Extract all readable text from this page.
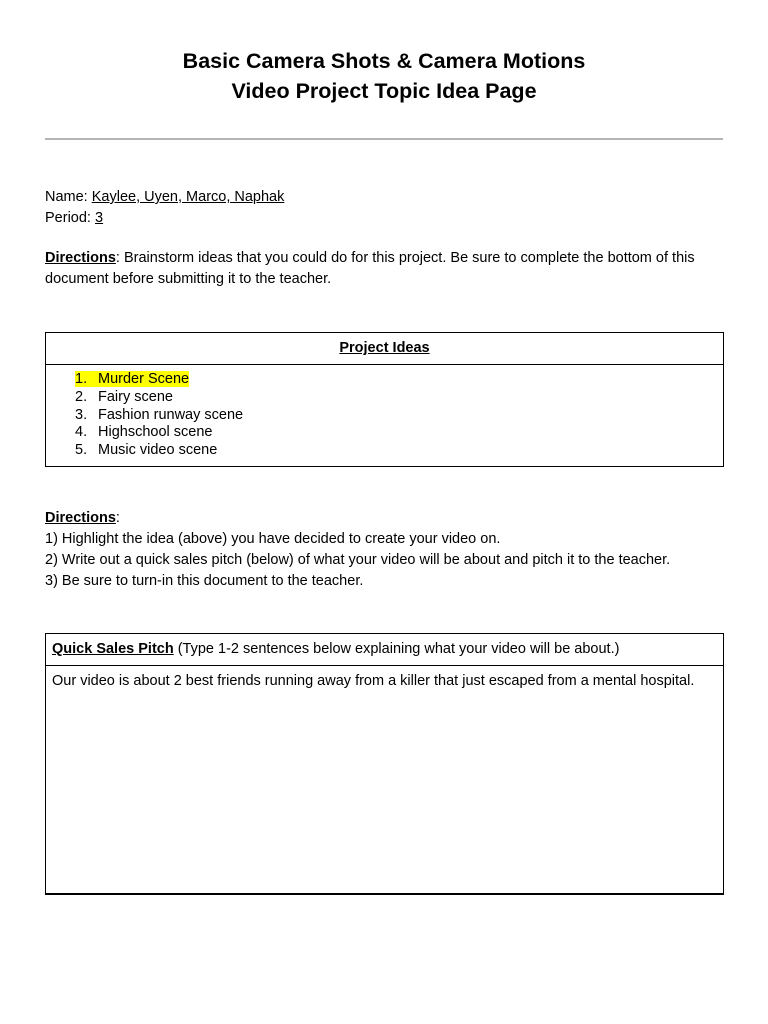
Basic Camera Shots & Camera Motions
Video Project Topic Idea Page
Name: Kaylee, Uyen, Marco, Naphak
Period: 3
Directions: Brainstorm ideas that you could do for this project. Be sure to complete the bottom of this document before submitting it to the teacher.
Project Ideas
1. Murder Scene
2. Fairy scene
3. Fashion runway scene
4. Highschool scene
5. Music video scene
Directions:
1) Highlight the idea (above) you have decided to create your video on.
2) Write out a quick sales pitch (below) of what your video will be about and pitch it to the teacher.
3) Be sure to turn-in this document to the teacher.
Quick Sales Pitch (Type 1-2 sentences below explaining what your video will be about.)
Our video is about 2 best friends running away from a killer that just escaped from a mental hospital.
